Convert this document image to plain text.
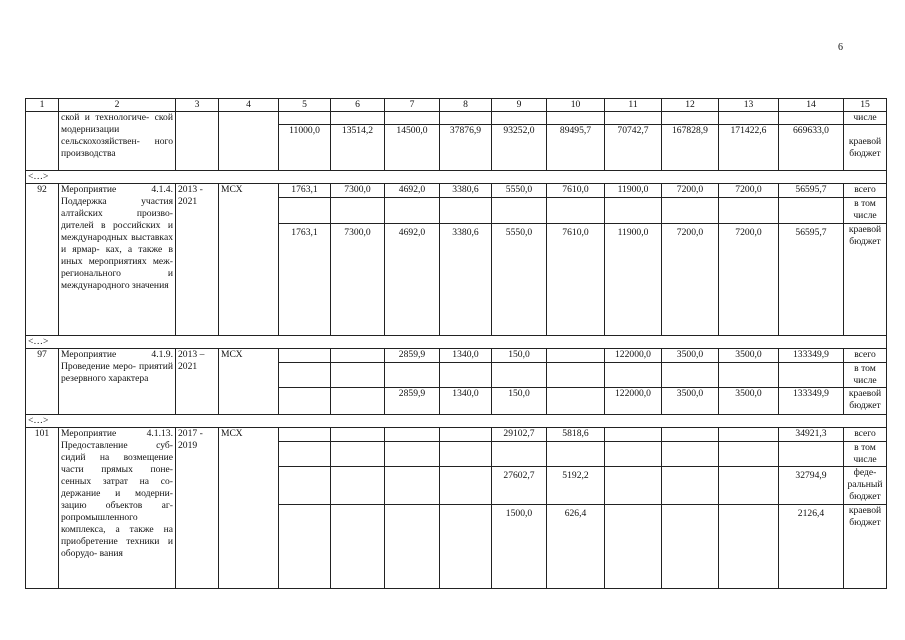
6
1	2	3	4	5	6	7	8	9	10	11	12	13	14	15
	ской и технологиче- ской модернизации сельскохозяйствен- ного производства													числе
				11000,0	13514,2	14500,0	37876,9	93252,0	89495,7	70742,7	167828,9	171422,6	669633,0	краевой бюджет
<…>														
92	Мероприятие 4.1.4. Поддержка участия алтайских произво- дителей в российских и международных выставках и ярмар- ках, а также в иных мероприятиях меж- регионального и международного значения	2013 - 2021	МСХ	1763,1	7300,0	4692,0	3380,6	5550,0	7610,0	11900,0	7200,0	7200,0	56595,7	всего
														в том числе
				1763,1	7300,0	4692,0	3380,6	5550,0	7610,0	11900,0	7200,0	7200,0	56595,7	краевой бюджет
<…>														
97	Мероприятие 4.1.9. Проведение меро- приятий резервного характера	2013 – 2021	МСХ			2859,9	1340,0	150,0		122000,0	3500,0	3500,0	133349,9	всего
														в том числе
						2859,9	1340,0	150,0		122000,0	3500,0	3500,0	133349,9	краевой бюджет
<…>														
101	Мероприятие 4.1.13. Предоставление суб- сидий на возмещение части прямых поне- сенных затрат на со- держание и модерни- зацию объектов аг- ропромышленного комплекса, а также на приобретение техники и оборудо- вания	2017 - 2019	МСХ					29102,7	5818,6				34921,3	всего
														в том числе
								27602,7	5192,2				32794,9	феде- ральный бюджет
								1500,0	626,4				2126,4	краевой бюджет
